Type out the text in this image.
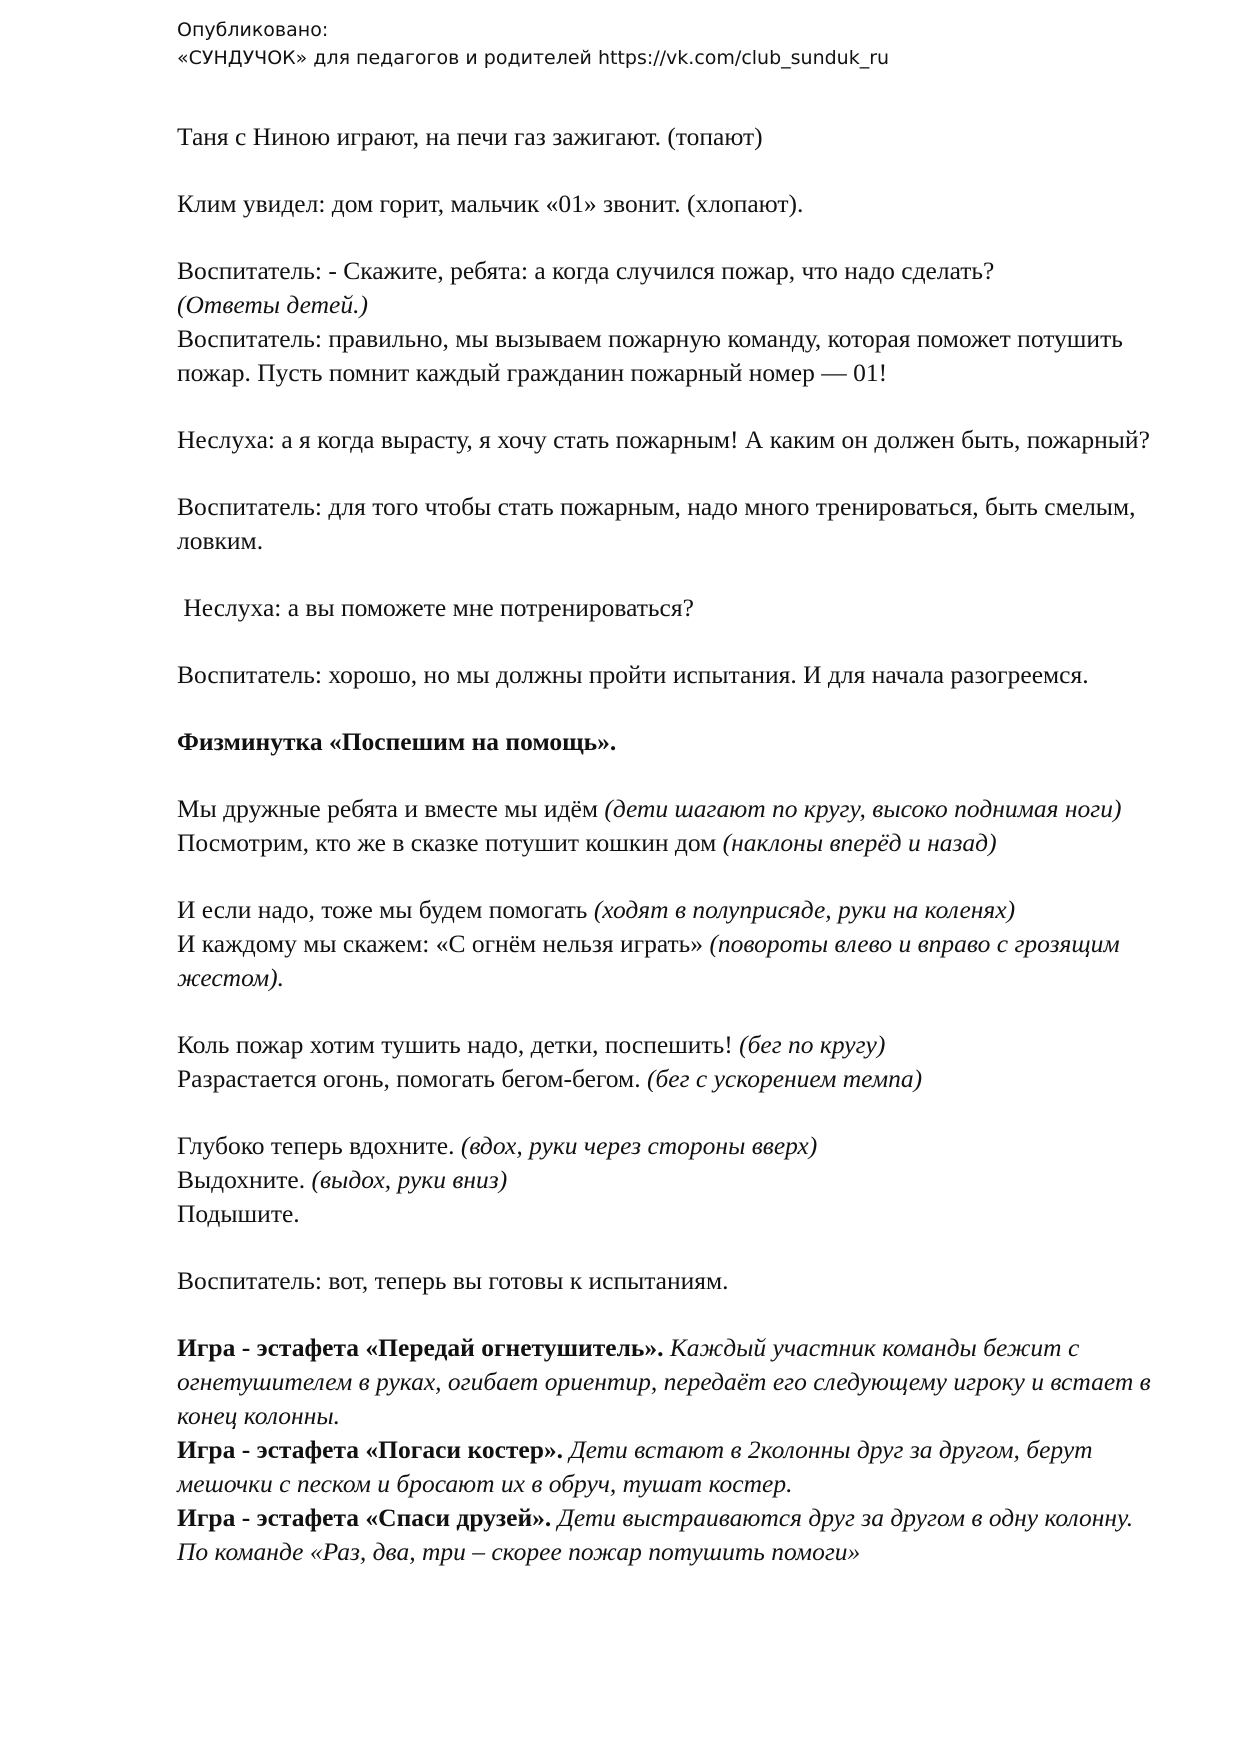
Опубликовано:
«СУНДУЧОК» для педагогов и родителей https://vk.com/club_sunduk_ru

Таня с Ниною играют, на печи газ зажигают. (топают)

Клим увидел: дом горит, мальчик «01» звонит. (хлопают).

Воспитатель: - Скажите, ребята: а когда случился пожар, что надо сделать?

(Ответы детей.)

Воспитатель: правильно, мы вызываем пожарную команду, которая поможет потушить пожар. Пусть помнит каждый гражданин пожарный номер — 01!

Неслуха: а я когда вырасту, я хочу стать пожарным! А каким он должен быть, пожарный?

Воспитатель: для того чтобы стать пожарным, надо много тренироваться, быть смелым, ловким.

Неслуха: а вы поможете мне потренироваться?

Воспитатель: хорошо, но мы должны пройти испытания. И для начала разогреемся.

Физминутка «Поспешим на помощь».

Мы дружные ребята и вместе мы идём (дети шагают по кругу, высоко поднимая ноги)

Посмотрим, кто же в сказке потушит кошкин дом (наклоны вперёд и назад)

И если надо, тоже мы будем помогать (ходят в полуприсяде, руки на коленях)

И каждому мы скажем: «С огнём нельзя играть» (повороты влево и вправо с грозящим жестом).

Коль пожар хотим тушить надо, детки, поспешить! (бег по кругу)

Разрастается огонь, помогать бегом-бегом. (бег с ускорением темпа)

Глубоко теперь вдохните. (вдох, руки через стороны вверх)

Выдохните. (выдох, руки вниз)

Подышите.

Воспитатель: вот, теперь вы готовы к испытаниям.

Игра - эстафета «Передай огнетушитель». Каждый участник команды бежит с огнетушителем в руках, огибает ориентир, передаёт его следующему игроку и встает в конец колонны.

Игра - эстафета «Погаси костер». Дети встают в 2колонны друг за другом, берут мешочки с песком и бросают их в обруч, тушат костер.

Игра - эстафета «Спаси друзей». Дети выстраиваются друг за другом в одну колонну. По команде «Раз, два, три – скорее пожар потушить помоги»
